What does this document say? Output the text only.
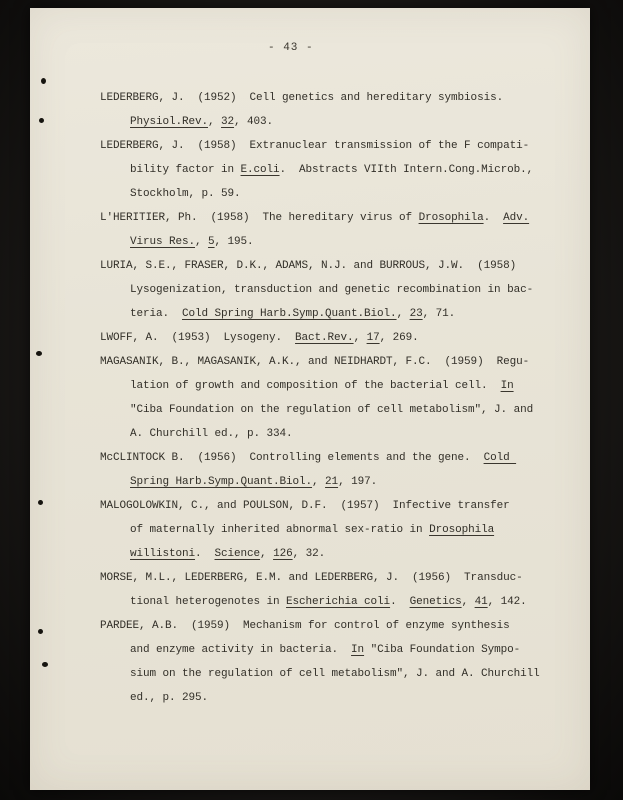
- 43 -
LEDERBERG, J.  (1952)  Cell genetics and hereditary symbiosis.
Physiol.Rev., 32, 403.
LEDERBERG, J.  (1958)  Extranuclear transmission of the F compati-
bility factor in E.coli.  Abstracts VIIth Intern.Cong.Microb.,
Stockholm, p. 59.
L'HERITIER, Ph.  (1958)  The hereditary virus of Drosophila.  Adv.
Virus Res., 5, 195.
LURIA, S.E., FRASER, D.K., ADAMS, N.J. and BURROUS, J.W.  (1958)
Lysogenization, transduction and genetic recombination in bac-
teria.  Cold Spring Harb.Symp.Quant.Biol., 23, 71.
LWOFF, A.  (1953)  Lysogeny.  Bact.Rev., 17, 269.
MAGASANIK, B., MAGASANIK, A.K., and NEIDHARDT, F.C.  (1959)  Regu-
lation of growth and composition of the bacterial cell.  In
"Ciba Foundation on the regulation of cell metabolism", J. and
A. Churchill ed., p. 334.
McCLINTOCK B.  (1956)  Controlling elements and the gene.  Cold
Spring Harb.Symp.Quant.Biol., 21, 197.
MALOGOLOWKIN, C., and POULSON, D.F.  (1957)  Infective transfer
of maternally inherited abnormal sex-ratio in Drosophila
willistoni.  Science, 126, 32.
MORSE, M.L., LEDERBERG, E.M. and LEDERBERG, J.  (1956)  Transduc-
tional heterogenotes in Escherichia coli.  Genetics, 41, 142.
PARDEE, A.B.  (1959)  Mechanism for control of enzyme synthesis
and enzyme activity in bacteria.  In "Ciba Foundation Sympo-
sium on the regulation of cell metabolism", J. and A. Churchill
ed., p. 295.
